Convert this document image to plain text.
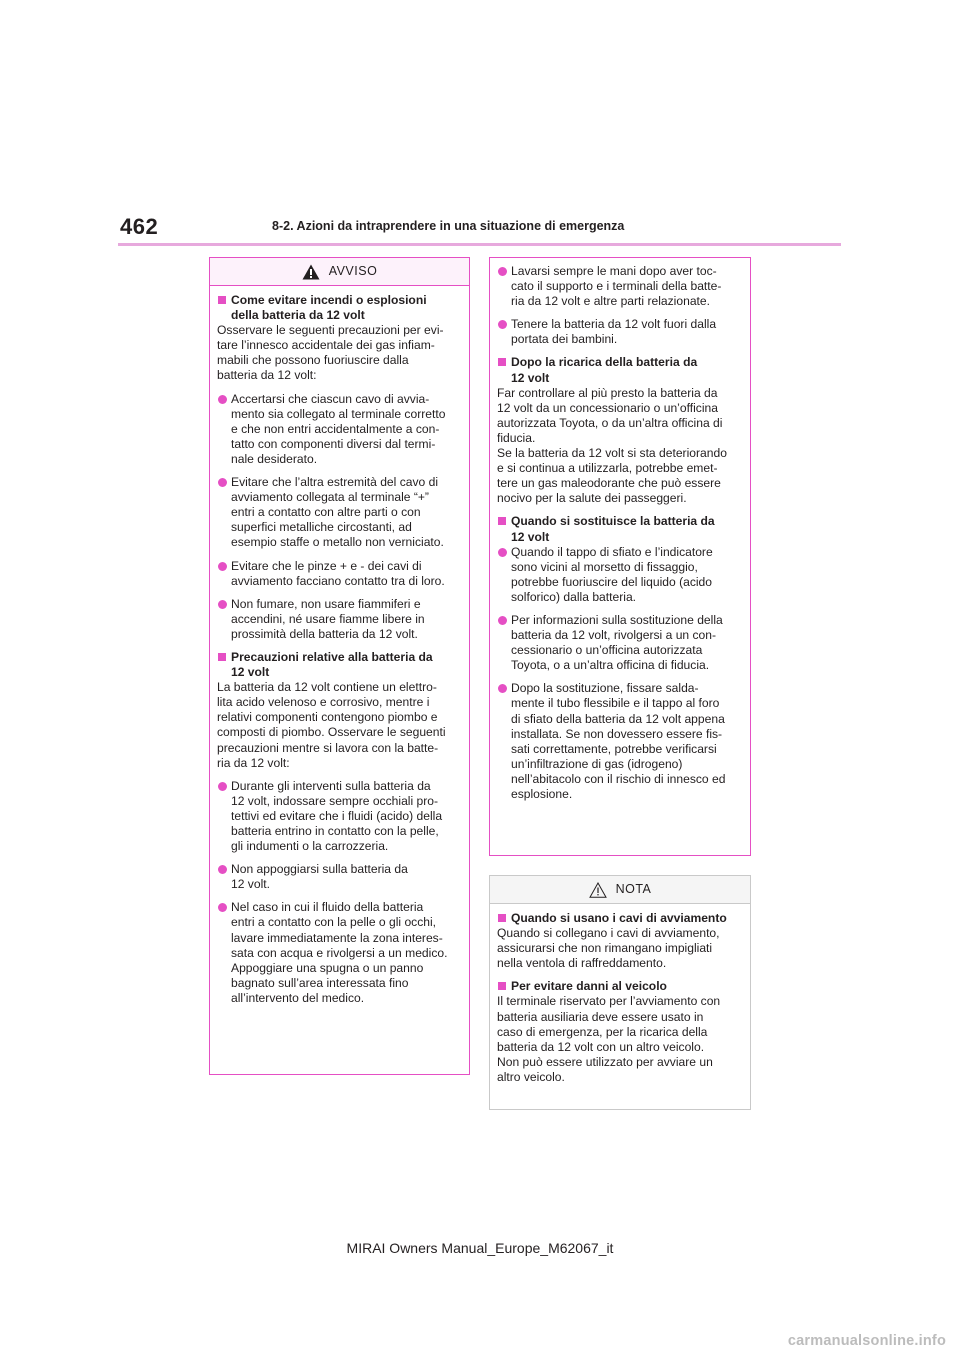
462	8-2. Azioni da intraprendere in una situazione di emergenza
AVVISO
Come evitare incendi o esplosioni
della batteria da 12 volt

Osservare le seguenti precauzioni per evi-
tare l’innesco accidentale dei gas infiam-
mabili che possono fuoriuscire dalla
batteria da 12 volt:

Accertarsi che ciascun cavo di avvia-
mento sia collegato al terminale corretto
e che non entri accidentalmente a con-
tatto con componenti diversi dal termi-
nale desiderato.
Evitare che l’altra estremità del cavo di
avviamento collegata al terminale “+”
entri a contatto con altre parti o con
superfici metalliche circostanti, ad
esempio staffe o metallo non verniciato.
Evitare che le pinze + e - dei cavi di
avviamento facciano contatto tra di loro.
Non fumare, non usare fiammiferi e
accendini, né usare fiamme libere in
prossimità della batteria da 12 volt.
Precauzioni relative alla batteria da
12 volt

La batteria da 12 volt contiene un elettro-
lita acido velenoso e corrosivo, mentre i
relativi componenti contengono piombo e
composti di piombo. Osservare le seguenti
precauzioni mentre si lavora con la batte-
ria da 12 volt:

Durante gli interventi sulla batteria da
12 volt, indossare sempre occhiali pro-
tettivi ed evitare che i fluidi (acido) della
batteria entrino in contatto con la pelle,
gli indumenti o la carrozzeria.
Non appoggiarsi sulla batteria da
12 volt.
Nel caso in cui il fluido della batteria
entri a contatto con la pelle o gli occhi,
lavare immediatamente la zona interes-
sata con acqua e rivolgersi a un medico.
Appoggiare una spugna o un panno
bagnato sull’area interessata fino
all’intervento del medico.
Lavarsi sempre le mani dopo aver toc-
cato il supporto e i terminali della batte-
ria da 12 volt e altre parti relazionate.
Tenere la batteria da 12 volt fuori dalla
portata dei bambini.
Dopo la ricarica della batteria da
12 volt

Far controllare al più presto la batteria da
12 volt da un concessionario o un’officina
autorizzata Toyota, o da un’altra officina di
fiducia.
Se la batteria da 12 volt si sta deteriorando
e si continua a utilizzarla, potrebbe emet-
tere un gas maleodorante che può essere
nocivo per la salute dei passeggeri.

Quando si sostituisce la batteria da
12 volt
Quando il tappo di sfiato e l’indicatore
sono vicini al morsetto di fissaggio,
potrebbe fuoriuscire del liquido (acido
solforico) dalla batteria.
Per informazioni sulla sostituzione della
batteria da 12 volt, rivolgersi a un con-
cessionario o un’officina autorizzata
Toyota, o a un’altra officina di fiducia.
Dopo la sostituzione, fissare salda-
mente il tubo flessibile e il tappo al foro
di sfiato della batteria da 12 volt appena
installata. Se non dovessero essere fis-
sati correttamente, potrebbe verificarsi
un’infiltrazione di gas (idrogeno)
nell’abitacolo con il rischio di innesco ed
esplosione.
NOTA
Quando si usano i cavi di avviamento

Quando si collegano i cavi di avviamento,
assicurarsi che non rimangano impigliati
nella ventola di raffreddamento.

Per evitare danni al veicolo

Il terminale riservato per l’avviamento con
batteria ausiliaria deve essere usato in
caso di emergenza, per la ricarica della
batteria da 12 volt con un altro veicolo.
Non può essere utilizzato per avviare un
altro veicolo.

MIRAI Owners Manual_Europe_M62067_it
carmanualsonline.info
